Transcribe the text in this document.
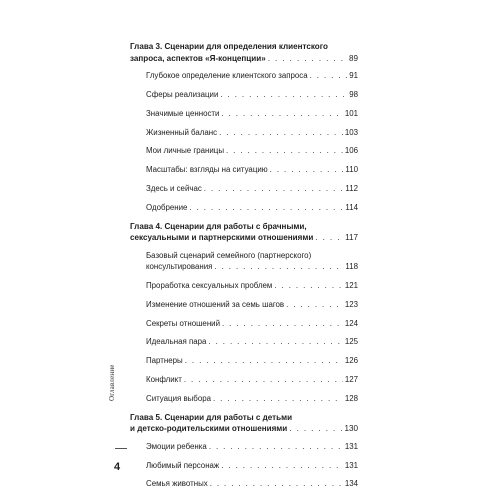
Глава 3. Сценарии для определения клиентского
запроса, аспектов «Я-концепции» . . .	89
Глубокое определение клиентского запроса . . .	91
Сферы реализации . . .	98
Значимые ценности . . .	101
Жизненный баланс . . .	103
Мои личные границы . . .	106
Масштабы: взгляды на ситуацию . . .	110
Здесь и сейчас . . .	112
Одобрение . . .	114
Глава 4. Сценарии для работы с брачными,
сексуальными и партнерскими отношениями . . .	117
Базовый сценарий семейного (партнерского)
консультирования . . .	118
Проработка сексуальных проблем . . .	121
Изменение отношений за семь шагов . . .	123
Секреты отношений . . .	124
Идеальная пара . . .	125
Партнеры . . .	126
Конфликт . . .	127
Ситуация выбора . . .	128
Глава 5. Сценарии для работы с детьми
и детско-родительскими отношениями . . .	130
Эмоции ребенка . . .	131
Любимый персонаж . . .	131
Семья животных . . .	134
Оглавление
4
